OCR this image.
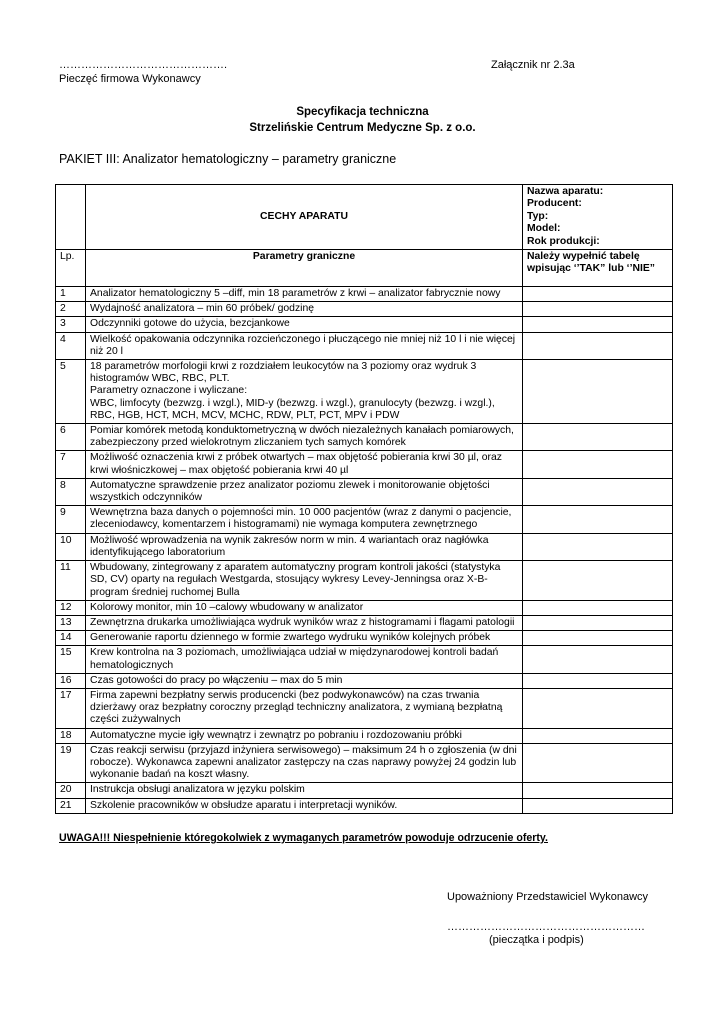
……………………………………….
Pieczęć firmowa Wykonawcy
Załącznik nr 2.3a
Specyfikacja techniczna
Strzelińskie Centrum Medyczne Sp. z o.o.
PAKIET III: Analizator hematologiczny – parametry graniczne
	CECHY APARATU	Nazwa aparatu:
Producent:
Typ:
Model:
Rok produkcji:

Lp.	Parametry graniczne	Należy wypełnić tabelę wpisując ‘’TAK” lub ‘’NIE”
1	Analizator hematologiczny 5 –diff, min 18 parametrów z krwi – analizator fabrycznie nowy	
2	Wydajność analizatora – min 60 próbek/ godzinę	
3	Odczynniki gotowe do użycia, bezcjankowe	
4	Wielkość opakowania odczynnika rozcieńczonego i płuczącego nie mniej niż 10 l i nie więcej niż 20 l	
5	18 parametrów morfologii krwi z rozdziałem leukocytów na 3 poziomy oraz wydruk 3 histogramów WBC, RBC, PLT.
Parametry oznaczone i wyliczane:
WBC, limfocyty (bezwzg. i wzgl.), MID-y (bezwzg. i wzgl.), granulocyty (bezwzg. i wzgl.), RBC, HGB, HCT, MCH, MCV, MCHC, RDW, PLT, PCT, MPV i PDW	
6	Pomiar komórek metodą konduktometryczną w dwóch niezależnych kanałach pomiarowych, zabezpieczony przed wielokrotnym zliczaniem tych samych komórek	
7	Możliwość oznaczenia krwi z próbek otwartych – max objętość pobierania krwi 30 µl, oraz krwi włośniczkowej – max objętość pobierania krwi 40 µl	
8	Automatyczne sprawdzenie przez analizator poziomu zlewek i monitorowanie objętości wszystkich odczynników	
9	Wewnętrzna baza danych o pojemności min. 10 000 pacjentów (wraz z danymi o pacjencie, zleceniodawcy, komentarzem i histogramami) nie wymaga komputera zewnętrznego	
10	Możliwość wprowadzenia na wynik zakresów norm w min. 4 wariantach oraz nagłówka identyfikującego laboratorium	
11	Wbudowany, zintegrowany z aparatem automatyczny program kontroli jakości (statystyka SD, CV) oparty na regułach Westgarda, stosujący wykresy Levey-Jenningsa oraz X-B- program średniej ruchomej Bulla	
12	Kolorowy monitor, min 10 –calowy wbudowany w analizator	
13	Zewnętrzna drukarka umożliwiająca wydruk wyników wraz z histogramami i flagami patologii	
14	Generowanie raportu dziennego w formie zwartego wydruku wyników kolejnych próbek	
15	Krew kontrolna na 3 poziomach, umożliwiająca udział w międzynarodowej kontroli badań hematologicznych	
16	Czas gotowości do pracy po włączeniu – max do 5 min	
17	Firma zapewni bezpłatny serwis producencki (bez podwykonawców) na czas trwania dzierżawy oraz bezpłatny coroczny przegląd techniczny analizatora, z wymianą bezpłatną części zużywalnych	
18	Automatyczne mycie igły wewnątrz i zewnątrz po pobraniu i rozdozowaniu próbki	
19	Czas reakcji serwisu (przyjazd inżyniera serwisowego) – maksimum 24 h o zgłoszenia (w dni robocze). Wykonawca zapewni analizator zastępczy na czas naprawy powyżej 24 godzin lub wykonanie badań na koszt własny.	
20	Instrukcja obsługi analizatora w języku polskim	
21	Szkolenie pracowników w obsłudze aparatu i interpretacji wyników.	
UWAGA!!! Niespełnienie któregokolwiek z wymaganych parametrów powoduje odrzucenie oferty.
Upoważniony Przedstawiciel Wykonawcy
………………………………………………
(pieczątka i podpis)
